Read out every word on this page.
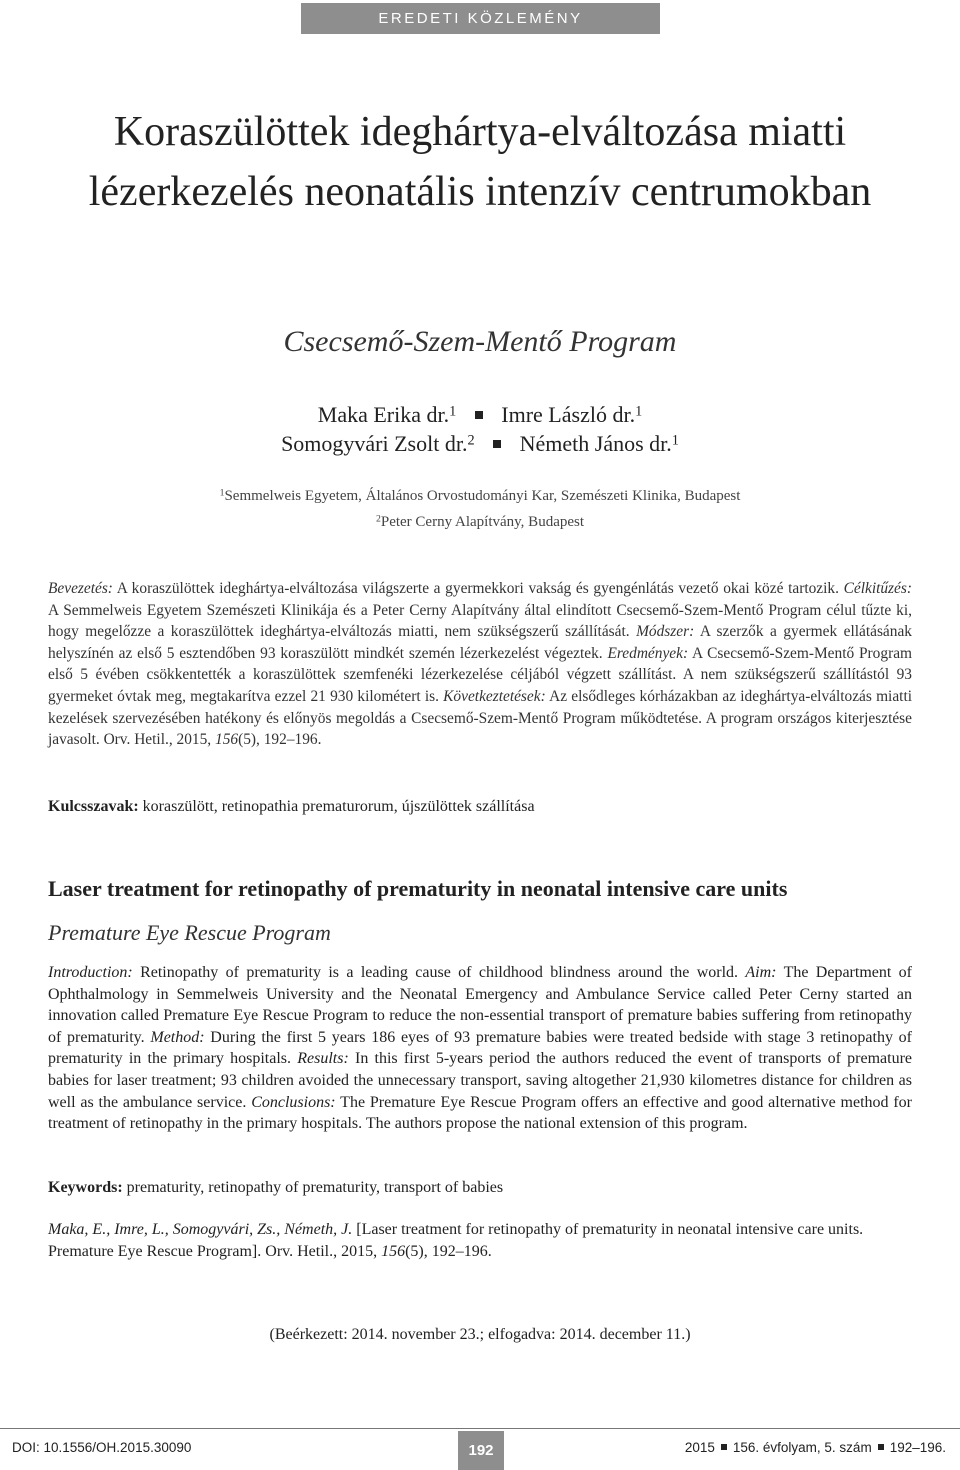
EREDETI KÖZLEMÉNY
Koraszülöttek ideghártya-elváltozása miatti lézerkezelés neonatális intenzív centrumokban
Csecsemő-Szem-Mentő Program
Maka Erika dr.$^1$ Imre László dr.$^1$
Somogyvári Zsolt dr.$^2$ Németh János dr.$^1$
$^1$Semmelweis Egyetem, Általános Orvostudományi Kar, Szemészeti Klinika, Budapest
$^2$Peter Cerny Alapítvány, Budapest

Bevezetés: A koraszülöttek ideghártya-elváltozása világszerte a gyermekkori vakság és gyengénlátás vezető okai közé tartozik. Célkitűzés: A Semmelweis Egyetem Szemészeti Klinikája és a Peter Cerny Alapítvány által elindított Csecsemő-Szem-Mentő Program célul tűzte ki, hogy megelőzze a koraszülöttek ideghártya-elváltozás miatti, nem szükségszerű szállítását. Módszer: A szerzők a gyermek ellátásának helyszínén az első 5 esztendőben 93 koraszülött mindkét szemén lézerkezelést végeztek. Eredmények: A Csecsemő-Szem-Mentő Program első 5 évében csökkentették a koraszülöttek szemfenéki lézerkezelése céljából végzett szállítást. A nem szükségszerű szállítástól 93 gyermeket óvtak meg, megtakarítva ezzel 21 930 kilométert is. Következtetések: Az elsődleges kórházakban az ideghártya-elváltozás miatti kezelések szervezésében hatékony és előnyös megoldás a Csecsemő-Szem-Mentő Program működtetése. A program országos kiterjesztése javasolt. Orv. Hetil., 2015, 156(5), 192–196.

Kulcsszavak: koraszülött, retinopathia prematurorum, újszülöttek szállítása
Laser treatment for retinopathy of prematurity in neonatal intensive care units
Premature Eye Rescue Program

Introduction: Retinopathy of prematurity is a leading cause of childhood blindness around the world. Aim: The Department of Ophthalmology in Semmelweis University and the Neonatal Emergency and Ambulance Service called Peter Cerny started an innovation called Premature Eye Rescue Program to reduce the non-essential transport of premature babies suffering from retinopathy of prematurity. Method: During the first 5 years 186 eyes of 93 premature babies were treated bedside with stage 3 retinopathy of prematurity in the primary hospitals. Results: In this first 5-years period the authors reduced the event of transports of premature babies for laser treatment; 93 children avoided the unnecessary transport, saving altogether 21,930 kilometres distance for children as well as the ambulance service. Conclusions: The Premature Eye Rescue Program offers an effective and good alternative method for treatment of retinopathy in the primary hospitals. The authors propose the national extension of this program.

Keywords: prematurity, retinopathy of prematurity, transport of babies
Maka, E., Imre, L., Somogyvári, Zs., Németh, J. [Laser treatment for retinopathy of prematurity in neonatal intensive care units. Premature Eye Rescue Program]. Orv. Hetil., 2015, 156(5), 192–196.
(Beérkezett: 2014. november 23.; elfogadva: 2014. december 11.)
DOI: 10.1556/OH.2015.30090	192	2015 156. évfolyam, 5. szám 192–196.
